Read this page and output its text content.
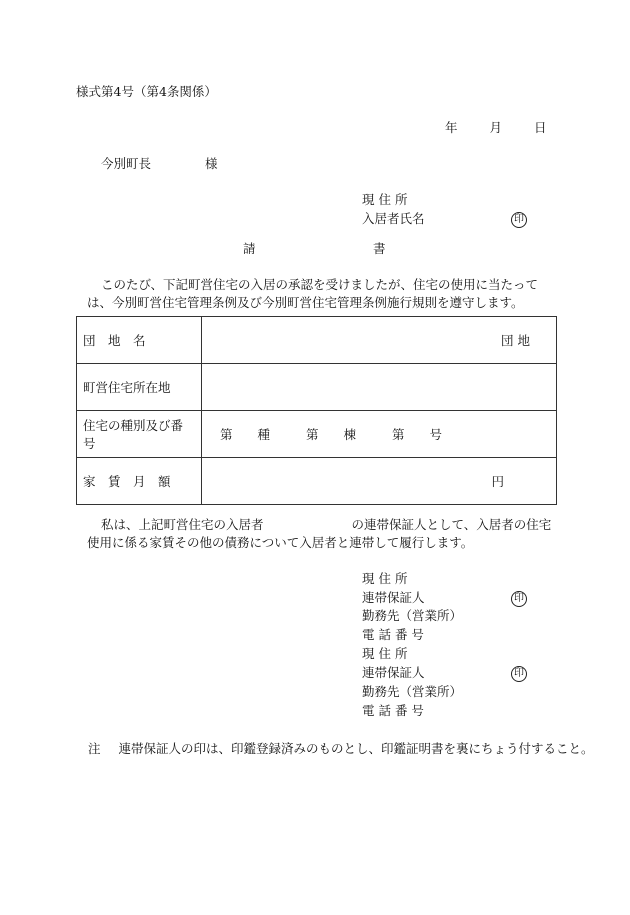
様式第4号（第4条関係）
年	月	日
今別町長	様
現 住 所
入居者氏名	印
請	書
このたび、下記町営住宅の入居の承認を受けましたが、住宅の使用に当たっては、今別町営住宅管理条例及び今別町営住宅管理条例施行規則を遵守します。
団　地　名	団 地
町営住宅所在地	
住宅の種別及び番号	第　　種 第　　棟 第　　号
家　賃　月　額	円
私は、上記町営住宅の入居者	の連帯保証人として、入居者の住宅使用に係る家賃その他の債務について入居者と連帯して履行します。
現 住 所
連帯保証人	印
勤務先（営業所）
電 話 番 号
現 住 所
連帯保証人	印
勤務先（営業所）
電 話 番 号
注 連帯保証人の印は、印鑑登録済みのものとし、印鑑証明書を裏にちょう付すること。
